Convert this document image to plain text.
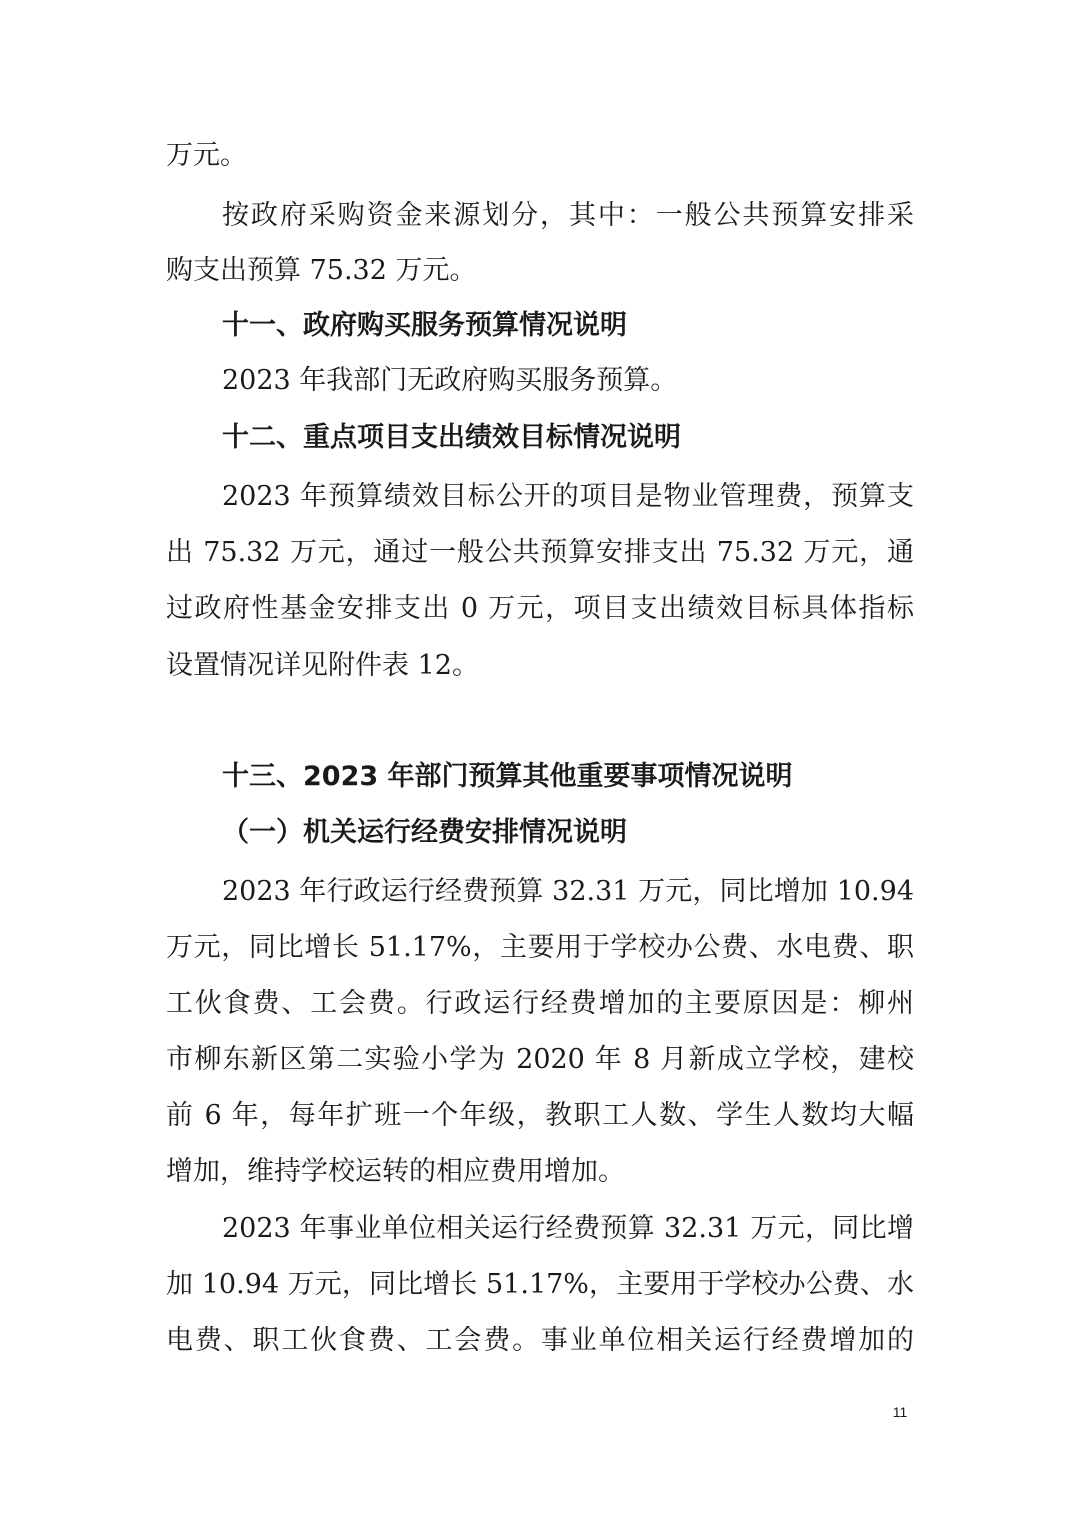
万元。
按政府采购资金来源划分，其中：一般公共预算安排采
购支出预算 75.32 万元。
十一、政府购买服务预算情况说明
2023 年我部门无政府购买服务预算。
十二、重点项目支出绩效目标情况说明
2023 年预算绩效目标公开的项目是物业管理费，预算支
出 75.32 万元，通过一般公共预算安排支出 75.32 万元，通
过政府性基金安排支出 0 万元，项目支出绩效目标具体指标
设置情况详见附件表 12。
十三、2023 年部门预算其他重要事项情况说明
（一）机关运行经费安排情况说明
2023 年行政运行经费预算 32.31 万元，同比增加 10.94
万元，同比增长 51.17%，主要用于学校办公费、水电费、职
工伙食费、工会费。行政运行经费增加的主要原因是：柳州
市柳东新区第二实验小学为 2020 年 8 月新成立学校，建校
前 6 年，每年扩班一个年级，教职工人数、学生人数均大幅
增加，维持学校运转的相应费用增加。
2023 年事业单位相关运行经费预算 32.31 万元，同比增
加 10.94 万元，同比增长 51.17%，主要用于学校办公费、水
电费、职工伙食费、工会费。事业单位相关运行经费增加的
11
